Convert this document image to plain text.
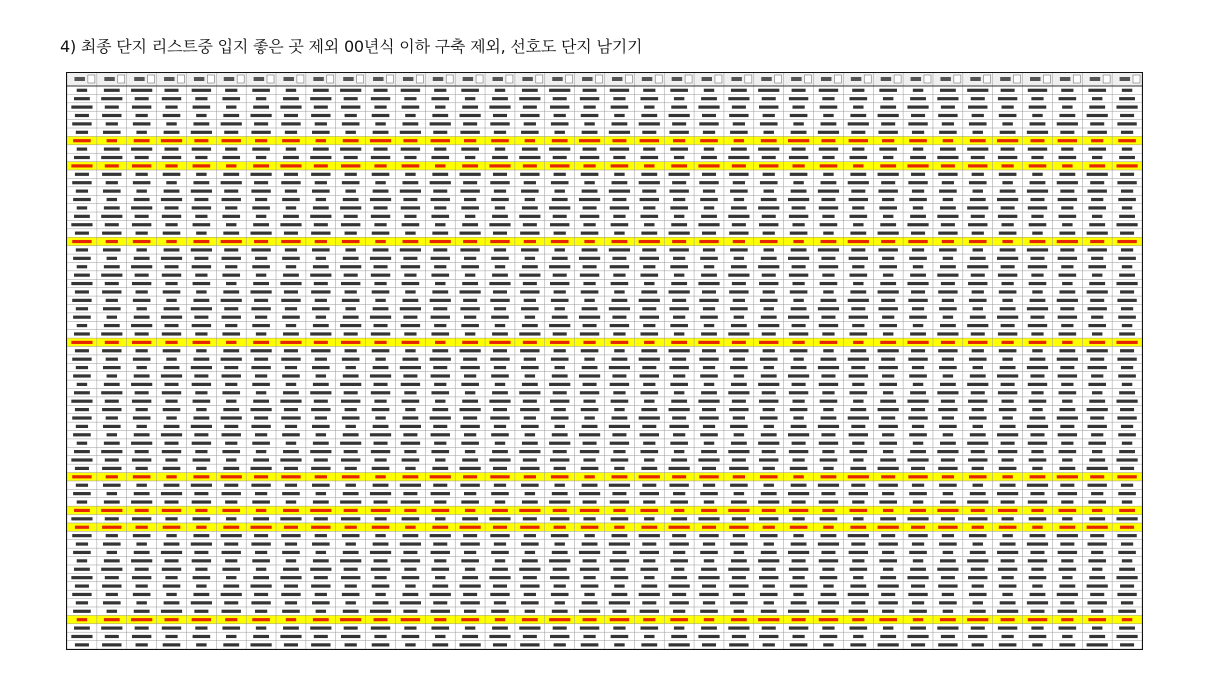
4) 최종 단지 리스트중 입지 좋은 곳 제외 00년식 이하 구축 제외, 선호도 단지 남기기
